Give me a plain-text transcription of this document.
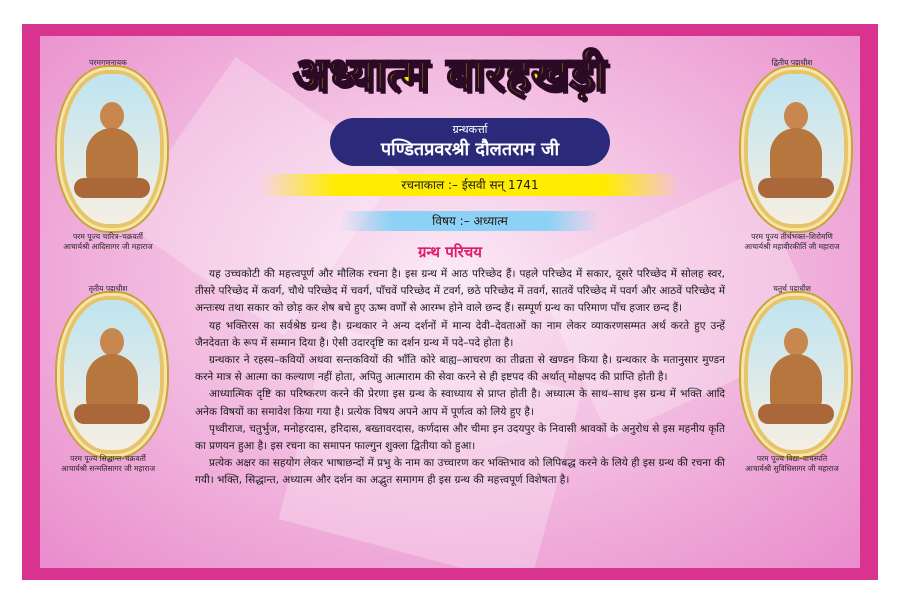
अध्यात्म बारहखड़ी
ग्रन्थकर्त्ता
पण्डितप्रवरश्री दौलतराम जी
रचनाकाल :– ईसवी सन् 1741
विषय :– अध्यात्म
ग्रन्थ परिचय

यह उच्चकोटी की महत्त्वपूर्ण और मौलिक रचना है। इस ग्रन्थ में आठ परिच्छेद हैं। पहले परिच्छेद में सकार, दूसरे परिच्छेद में सोलह स्वर, तीसरे परिच्छेद में कवर्ग, चौथे परिच्छेद में चवर्ग, पाँचवें परिच्छेद में टवर्ग, छठे परिच्छेद में तवर्ग, सातवें परिच्छेद में पवर्ग और आठवें परिच्छेद में अन्तःस्थ तथा सकार को छोड़ कर शेष बचे हुए ऊष्म वर्णों से आरम्भ होने वाले छन्द हैं। सम्पूर्ण ग्रन्थ का परिमाण पाँच हजार छन्द हैं।

यह भक्तिरस का सर्वश्रेष्ठ ग्रन्थ है। ग्रन्थकार ने अन्य दर्शनों में मान्य देवी–देवताओं का नाम लेकर व्याकरणसम्मत अर्थ करते हुए उन्हें जैनदेवता के रूप में सम्मान दिया है। ऐसी उदारदृष्टि का दर्शन ग्रन्थ में पदे–पदे होता है।

ग्रन्थकार ने रहस्य–कवियों अथवा सन्तकवियों की भाँति कोरे बाह्य–आचरण का तीव्रता से खण्डन किया है। ग्रन्थकार के मतानुसार मुण्डन करने मात्र से आत्मा का कल्याण नहीं होता, अपितु आत्माराम की सेवा करने से ही इष्टपद की अर्थात् मोक्षपद की प्राप्ति होती है।

आध्यात्मिक दृष्टि का परिष्करण करने की प्रेरणा इस ग्रन्थ के स्वाध्याय से प्राप्त होती है। अध्यात्म के साथ–साथ इस ग्रन्थ में भक्ति आदि अनेक विषयों का समावेश किया गया है। प्रत्येक विषय अपने आप में पूर्णत्व को लिये हुए है।

पृथ्वीराज, चतुर्भुज, मनोहरदास, हरिदास, बख्तावरदास, कर्णदास और चीमा इन उदयपुर के निवासी श्रावकों के अनुरोध से इस महनीय कृति का प्रणयन हुआ है। इस रचना का समापन फाल्गुन शुक्ला द्वितीया को हुआ।

प्रत्येक अक्षर का सहयोग लेकर भाषाछन्दों में प्रभु के नाम का उच्चारण कर भक्तिभाव को लिपिबद्ध करने के लिये ही इस ग्रन्थ की रचना की गयी। भक्ति, सिद्धान्त, अध्यात्म और दर्शन का अद्भुत समागम ही इस ग्रन्थ की महत्त्वपूर्ण विशेषता है।

परमगणनायक
परम पूज्य चारित्र–चक्रवर्ती
आचार्यश्री आदिसागर जी महाराज
द्वितीय पट्टाधीश
परम पूज्य तीर्थभक्त–शिरोमणि
आचार्यश्री महावीरकीर्ति जी महाराज
तृतीय पट्टाधीश
परम पूज्य सिद्धान्त–चक्रवर्ती
आचार्यश्री सन्मतिसागर जी महाराज
चतुर्थ पट्टाधीश
परम पूज्य विद्या–वाचस्पति
आचार्यश्री सुविधिसागर जी महाराज
